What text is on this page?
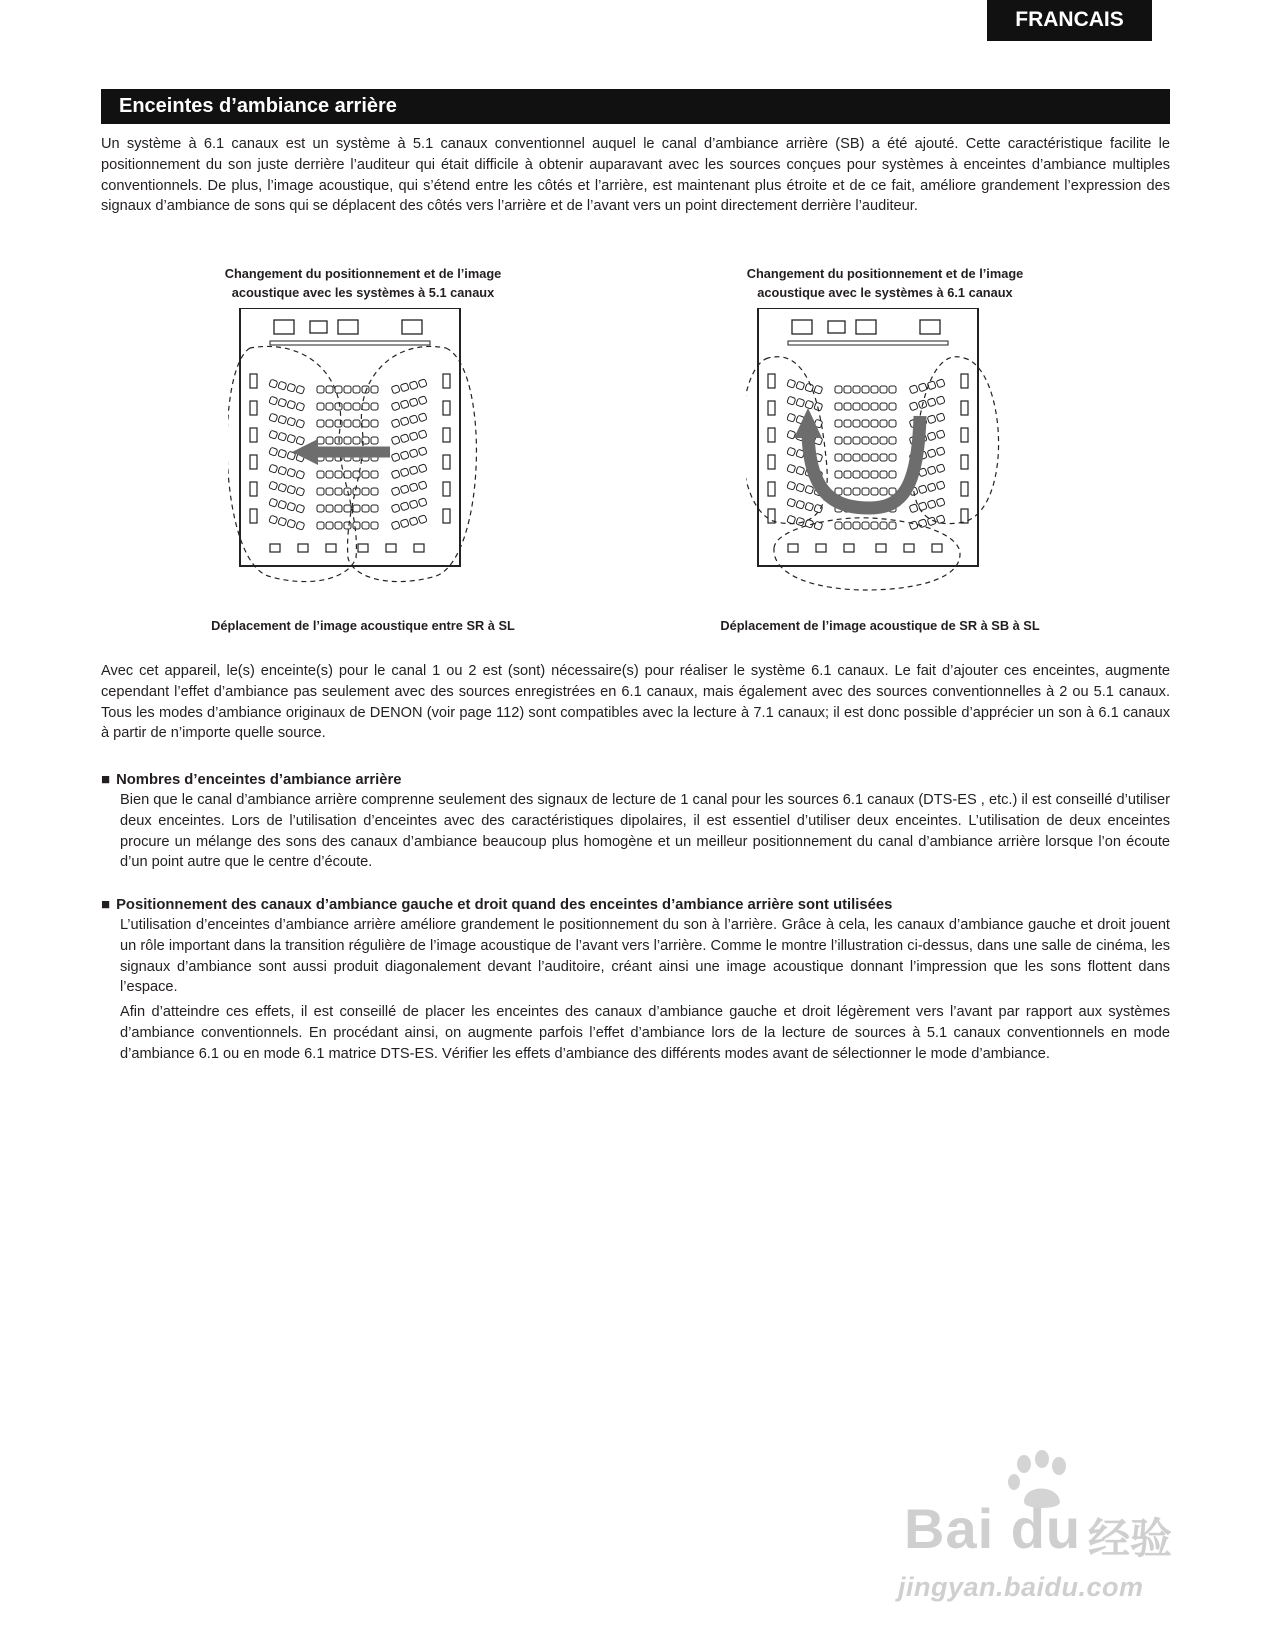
FRANCAIS
Enceintes d’ambiance arrière

Un système à 6.1 canaux est un système à 5.1 canaux conventionnel auquel le canal d’ambiance arrière (SB) a été ajouté. Cette caractéristique facilite le positionnement du son juste derrière l’auditeur qui était difficile à obtenir auparavant avec les sources conçues pour systèmes à enceintes d’ambiance multiples conventionnels. De plus, l’image acoustique, qui s’étend entre les côtés et l’arrière, est maintenant plus étroite et de ce fait, améliore grandement l’expression des signaux d’ambiance de sons qui se déplacent des côtés vers l’arrière et de l’avant vers un point directement derrière l’auditeur.

Changement du positionnement et de l’image
acoustique avec les systèmes à 5.1 canaux
Changement du positionnement et de l’image
acoustique avec le systèmes à 6.1 canaux
Déplacement de l’image acoustique entre SR à SL	Déplacement de l’image acoustique de SR à SB à SL

Avec cet appareil, le(s) enceinte(s) pour le canal 1 ou 2 est (sont) nécessaire(s) pour réaliser le système 6.1 canaux. Le fait d’ajouter ces enceintes, augmente cependant l’effet d’ambiance pas seulement avec des sources enregistrées en 6.1 canaux, mais également avec des sources conventionnelles à 2 ou 5.1 canaux. Tous les modes d’ambiance originaux de DENON (voir page 112) sont compatibles avec la lecture à 7.1 canaux; il est donc possible d’apprécier un son à 6.1 canaux à partir de n’importe quelle source.

■ Nombres d’enceintes d’ambiance arrière

Bien que le canal d’ambiance arrière comprenne seulement des signaux de lecture de 1 canal pour les sources 6.1 canaux (DTS-ES , etc.) il est conseillé d’utiliser deux enceintes. Lors de l’utilisation d’enceintes avec des caractéristiques dipolaires, il est essentiel d’utiliser deux enceintes. L’utilisation de deux enceintes procure un mélange des sons des canaux d’ambiance beaucoup plus homogène et un meilleur positionnement du canal d’ambiance arrière lorsque l’on écoute d’un point autre que le centre d’écoute.

■ Positionnement des canaux d’ambiance gauche et droit quand des enceintes d’ambiance arrière sont utilisées

L’utilisation d’enceintes d’ambiance arrière améliore grandement le positionnement du son à l’arrière. Grâce à cela, les canaux d’ambiance gauche et droit jouent un rôle important dans la transition régulière de l’image acoustique de l’avant vers l’arrière. Comme le montre l’illustration ci-dessus, dans une salle de cinéma, les signaux d’ambiance sont aussi produit diagonalement devant l’auditoire, créant ainsi une image acoustique donnant l’impression que les sons flottent dans l’espace.

Afin d’atteindre ces effets, il est conseillé de placer les enceintes des canaux d’ambiance gauche et droit légèrement vers l’avant par rapport aux systèmes d’ambiance conventionnels. En procédant ainsi, on augmente parfois l’effet d’ambiance lors de la lecture de sources à 5.1 canaux conventionnels en mode d’ambiance 6.1 ou en mode 6.1 matrice DTS-ES. Vérifier les effets d’ambiance des différents modes avant de sélectionner le mode d’ambiance.

Bai du 经验
jingyan.baidu.com
